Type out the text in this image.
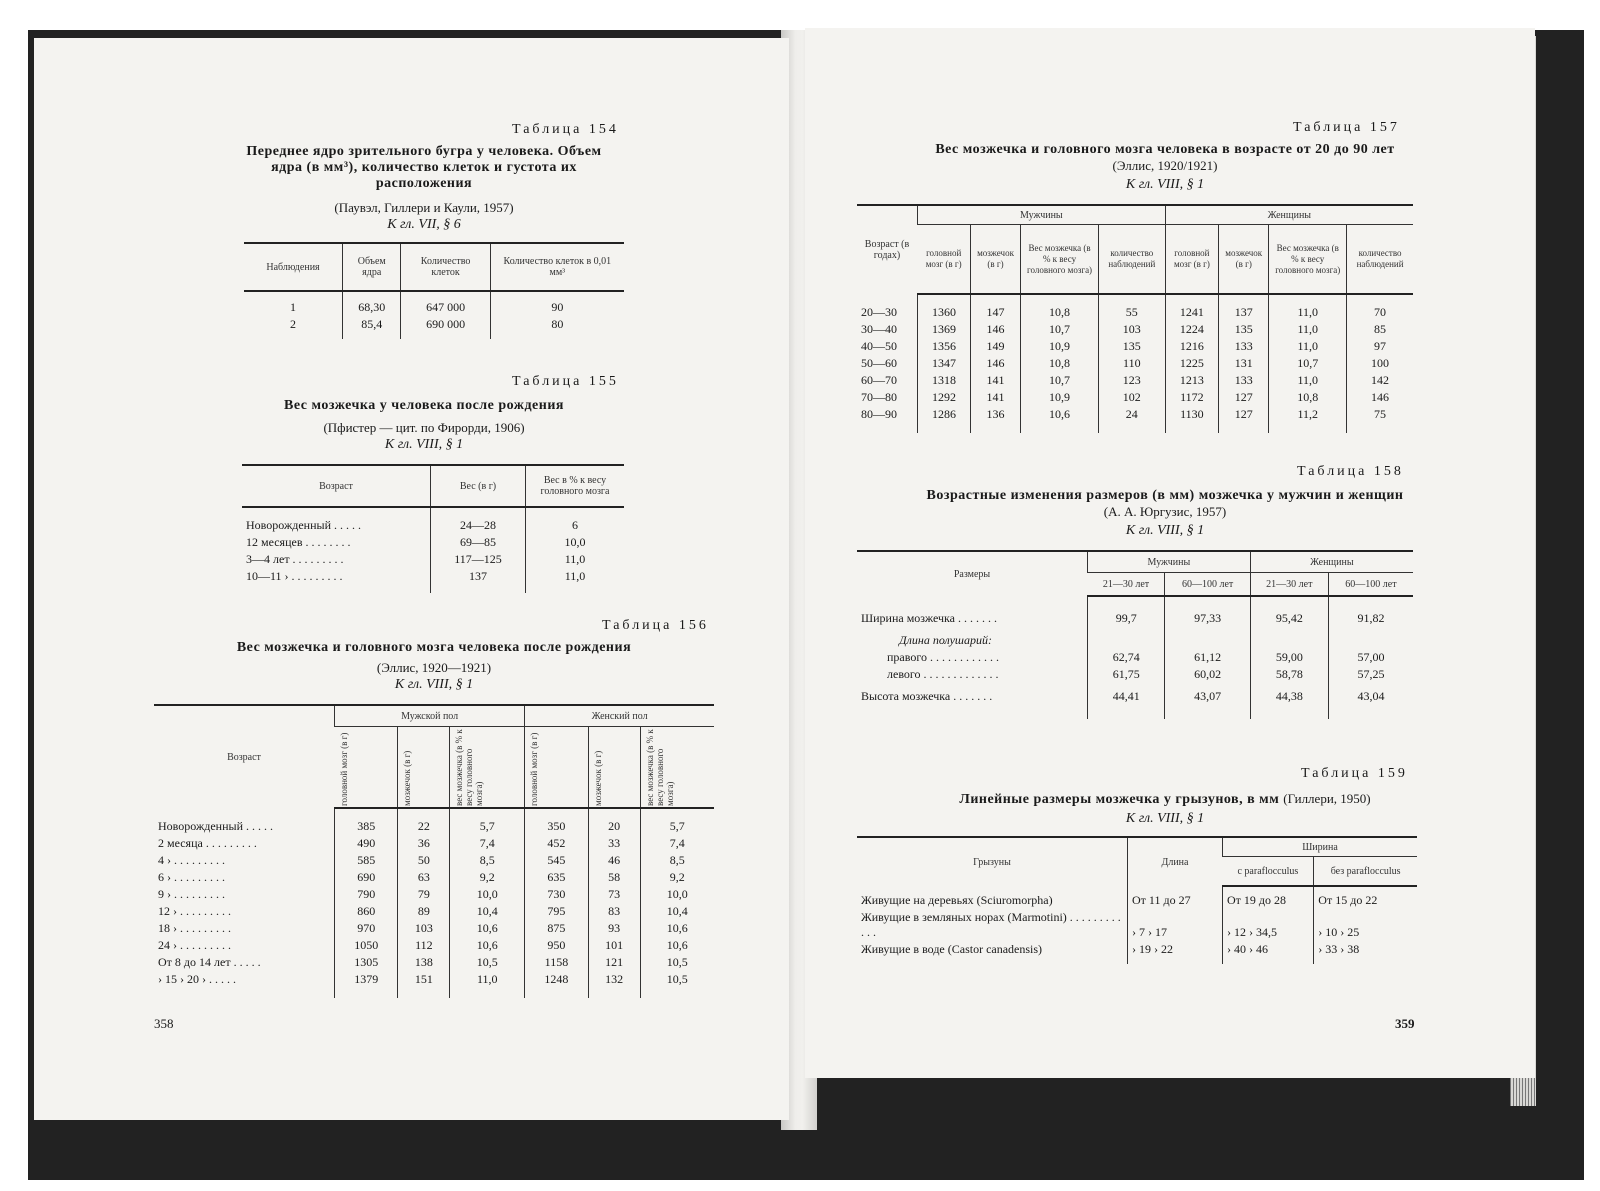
Таблица 154
Переднее ядро зрительного бугра у человека. Объем ядра (в мм³), количество клеток и густота их расположения
(Паувэл, Гиллери и Каули, 1957)
К гл. VII, § 6
Наблюдения	Объем ядра	Количество клеток	Количество клеток в 0,01 мм³

1	68,30	647 000	90
2	85,4	690 000	80

Таблица 155
Вес мозжечка у человека после рождения
(Пфистер — цит. по Фирорди, 1906)
К гл. VIII, § 1
Возраст	Вес (в г)	Вес в % к весу головного мозга

Новорожденный . . . . .	24—28	6
12 месяцев . . . . . . . .	69—85	10,0
3—4 лет . . . . . . . . .	117—125	11,0
10—11 › . . . . . . . . .	137	11,0

Таблица 156
Вес мозжечка и головного мозга человека после рождения
(Эллис, 1920—1921)
К гл. VIII, § 1
Возраст	Мужской пол			Женский пол		

	головной мозг (в г)	мозжечок (в г)	вес мозжечка (в % к весу головного мозга)	головной мозг (в г)	мозжечок (в г)	вес мозжечка (в % к весу головного мозга)

Новорожденный . . . . .	385	22	5,7	350	20	5,7
2 месяца . . . . . . . . .	490	36	7,4	452	33	7,4
4 › . . . . . . . . .	585	50	8,5	545	46	8,5
6 › . . . . . . . . .	690	63	9,2	635	58	9,2
9 › . . . . . . . . .	790	79	10,0	730	73	10,0
12 › . . . . . . . . .	860	89	10,4	795	83	10,4
18 › . . . . . . . . .	970	103	10,6	875	93	10,6
24 › . . . . . . . . .	1050	112	10,6	950	101	10,6
От 8 до 14 лет . . . . .	1305	138	10,5	1158	121	10,5
› 15 › 20 › . . . . .	1379	151	11,0	1248	132	10,5

358
Таблица 157
Вес мозжечка и головного мозга человека в возрасте от 20 до 90 лет
(Эллис, 1920/1921)
К гл. VIII, § 1
Возраст (в годах)	Мужчины				Женщины			
	головной мозг (в г)	мозжечок (в г)	Вес мозжечка (в % к весу головного мозга)	количество наблюдений	головной мозг (в г)	мозжечок (в г)	Вес мозжечка (в % к весу головного мозга)	количество наблюдений

20—30	1360	147	10,8	55	1241	137	11,0	70
30—40	1369	146	10,7	103	1224	135	11,0	85
40—50	1356	149	10,9	135	1216	133	11,0	97
50—60	1347	146	10,8	110	1225	131	10,7	100
60—70	1318	141	10,7	123	1213	133	11,0	142
70—80	1292	141	10,9	102	1172	127	10,8	146
80—90	1286	136	10,6	24	1130	127	11,2	75

Таблица 158
Возрастные изменения размеров (в мм) мозжечка у мужчин и женщин
(А. А. Юргузис, 1957)
К гл. VIII, § 1
Размеры	Мужчины		Женщины	
	21—30 лет	60—100 лет	21—30 лет	60—100 лет

Ширина мозжечка . . . . . . .	99,7	97,33	95,42	91,82
Длина полушарий:				
правого . . . . . . . . . . . .	62,74	61,12	59,00	57,00
левого . . . . . . . . . . . . .	61,75	60,02	58,78	57,25
Высота мозжечка . . . . . . .	44,41	43,07	44,38	43,04

Таблица 159
Линейные размеры мозжечка у грызунов, в мм (Гиллери, 1950)
К гл. VIII, § 1
Грызуны	Длина	Ширина	
		с paraflocculus	без paraflocculus

Живущие на деревьях (Sciuromorpha)	От 11 до 27	От 19 до 28	От 15 до 22
Живущие в земляных норах (Marmotini) . . . . . . . . . . . .	› 7 › 17	› 12 › 34,5	› 10 › 25
Живущие в воде (Castor canadensis)	› 19 › 22	› 40 › 46	› 33 › 38

359
